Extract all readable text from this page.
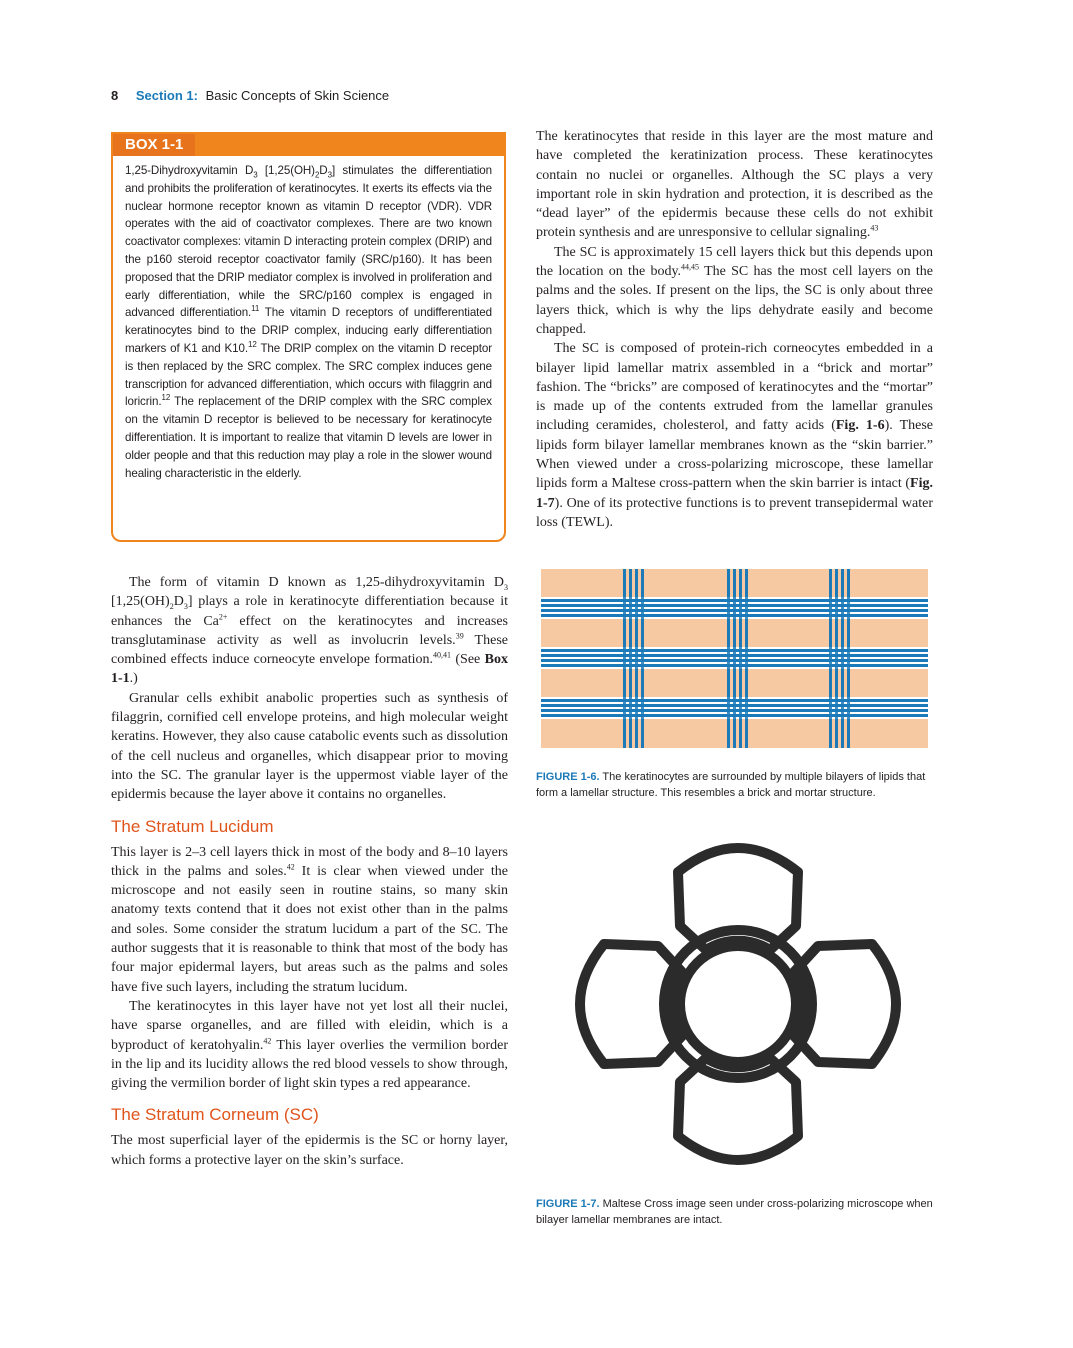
8 Section 1: Basic Concepts of Skin Science
BOX 1-1
1,25-Dihydroxyvitamin $D_3$ $[1,25(OH)_2D_3]$ stimulates the differentiation and prohibits the proliferation of keratinocytes. It exerts its effects via the nuclear hormone receptor known as vitamin D receptor (VDR). VDR operates with the aid of coactivator complexes. There are two known coactivator complexes: vitamin D interacting protein complex (DRIP) and the p160 steroid receptor coactivator family (SRC/p160). It has been proposed that the DRIP mediator complex is involved in proliferation and early differentiation, while the SRC/p160 complex is engaged in advanced differentiation.$^{11}$ The vitamin D receptors of undifferentiated keratinocytes bind to the DRIP complex, inducing early differentiation markers of K1 and K10.12 The DRIP complex on the vitamin D receptor is then replaced by the SRC complex. The SRC complex induces gene transcription for advanced differentiation, which occurs with filaggrin and loricrin.$^{12}$ The replacement of the DRIP complex with the SRC complex on the vitamin D receptor is believed to be necessary for keratinocyte differentiation. It is important to realize that vitamin D levels are lower in older people and that this reduction may play a role in the slower wound healing characteristic in the elderly.

The form of vitamin D known as 1,25-dihydroxyvitamin $D_3$ $[1,25(OH)_2D_3]$ plays a role in keratinocyte differentiation because it enhances the $Ca^{2+}$ effect on the keratinocytes and increases transglutaminase activity as well as involucrin levels.$^{39}$ These combined effects induce corneocyte envelope formation.$^{40,41}$ (See Box 1-1.)

Granular cells exhibit anabolic properties such as synthesis of filaggrin, cornified cell envelope proteins, and high molecular weight keratins. However, they also cause catabolic events such as dissolution of the cell nucleus and organelles, which disappear prior to moving into the SC. The granular layer is the uppermost viable layer of the epidermis because the layer above it contains no organelles.

The Stratum Lucidum

This layer is 2–3 cell layers thick in most of the body and 8–10 layers thick in the palms and soles.$^{42}$ It is clear when viewed under the microscope and not easily seen in routine stains, so many skin anatomy texts contend that it does not exist other than in the palms and soles. Some consider the stratum lucidum a part of the SC. The author suggests that it is reasonable to think that most of the body has four major epidermal layers, but areas such as the palms and soles have five such layers, including the stratum lucidum.

The keratinocytes in this layer have not yet lost all their nuclei, have sparse organelles, and are filled with eleidin, which is a byproduct of keratohyalin.$^{42}$ This layer overlies the vermilion border in the lip and its lucidity allows the red blood vessels to show through, giving the vermilion border of light skin types a red appearance.

The Stratum Corneum (SC)

The most superficial layer of the epidermis is the SC or horny layer, which forms a protective layer on the skin’s surface.

The keratinocytes that reside in this layer are the most mature and have completed the keratinization process. These keratinocytes contain no nuclei or organelles. Although the SC plays a very important role in skin hydration and protection, it is described as the “dead layer” of the epidermis because these cells do not exhibit protein synthesis and are unresponsive to cellular signaling.$^{43}$

The SC is approximately 15 cell layers thick but this depends upon the location on the body.$^{44,45}$ The SC has the most cell layers on the palms and the soles. If present on the lips, the SC is only about three layers thick, which is why the lips dehydrate easily and become chapped.

The SC is composed of protein-rich corneocytes embedded in a bilayer lipid lamellar matrix assembled in a “brick and mortar” fashion. The “bricks” are composed of keratinocytes and the “mortar” is made up of the contents extruded from the lamellar granules including ceramides, cholesterol, and fatty acids (Fig. 1-6). These lipids form bilayer lamellar membranes known as the “skin barrier.” When viewed under a cross-polarizing microscope, these lamellar lipids form a Maltese cross-pattern when the skin barrier is intact (Fig. 1-7). One of its protective functions is to prevent transepidermal water loss (TEWL).

FIGURE 1-6. The keratinocytes are surrounded by multiple bilayers of lipids that form a lamellar structure. This resembles a brick and mortar structure.
FIGURE 1-7. Maltese Cross image seen under cross-polarizing microscope when bilayer lamellar membranes are intact.
